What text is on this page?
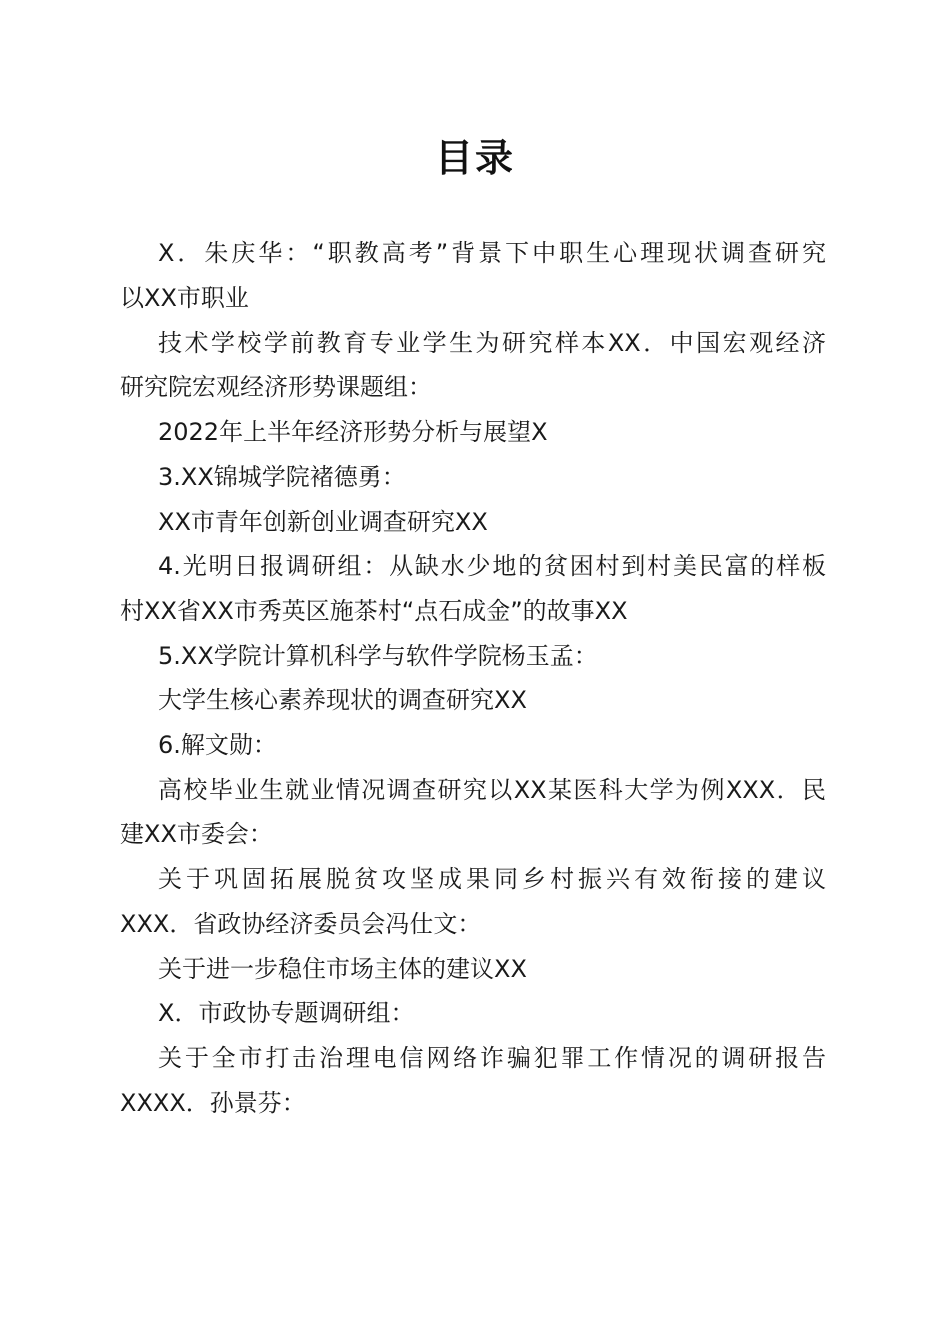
目录
X．朱庆华：“职教高考”背景下中职生心理现状调查研究
以XX市职业
技术学校学前教育专业学生为研究样本XX．中国宏观经济
研究院宏观经济形势课题组：
2022年上半年经济形势分析与展望X
3.XX锦城学院褚德勇：
XX市青年创新创业调查研究XX
4.光明日报调研组：从缺水少地的贫困村到村美民富的样板
村XX省XX市秀英区施茶村“点石成金”的故事XX
5.XX学院计算机科学与软件学院杨玉孟：
大学生核心素养现状的调查研究XX
6.解文勋：
高校毕业生就业情况调查研究以XX某医科大学为例XXX．民
建XX市委会：
关于巩固拓展脱贫攻坚成果同乡村振兴有效衔接的建议
XXX．省政协经济委员会冯仕文：
关于进一步稳住市场主体的建议XX
X．市政协专题调研组：
关于全市打击治理电信网络诈骗犯罪工作情况的调研报告
XXXX．孙景芬：
